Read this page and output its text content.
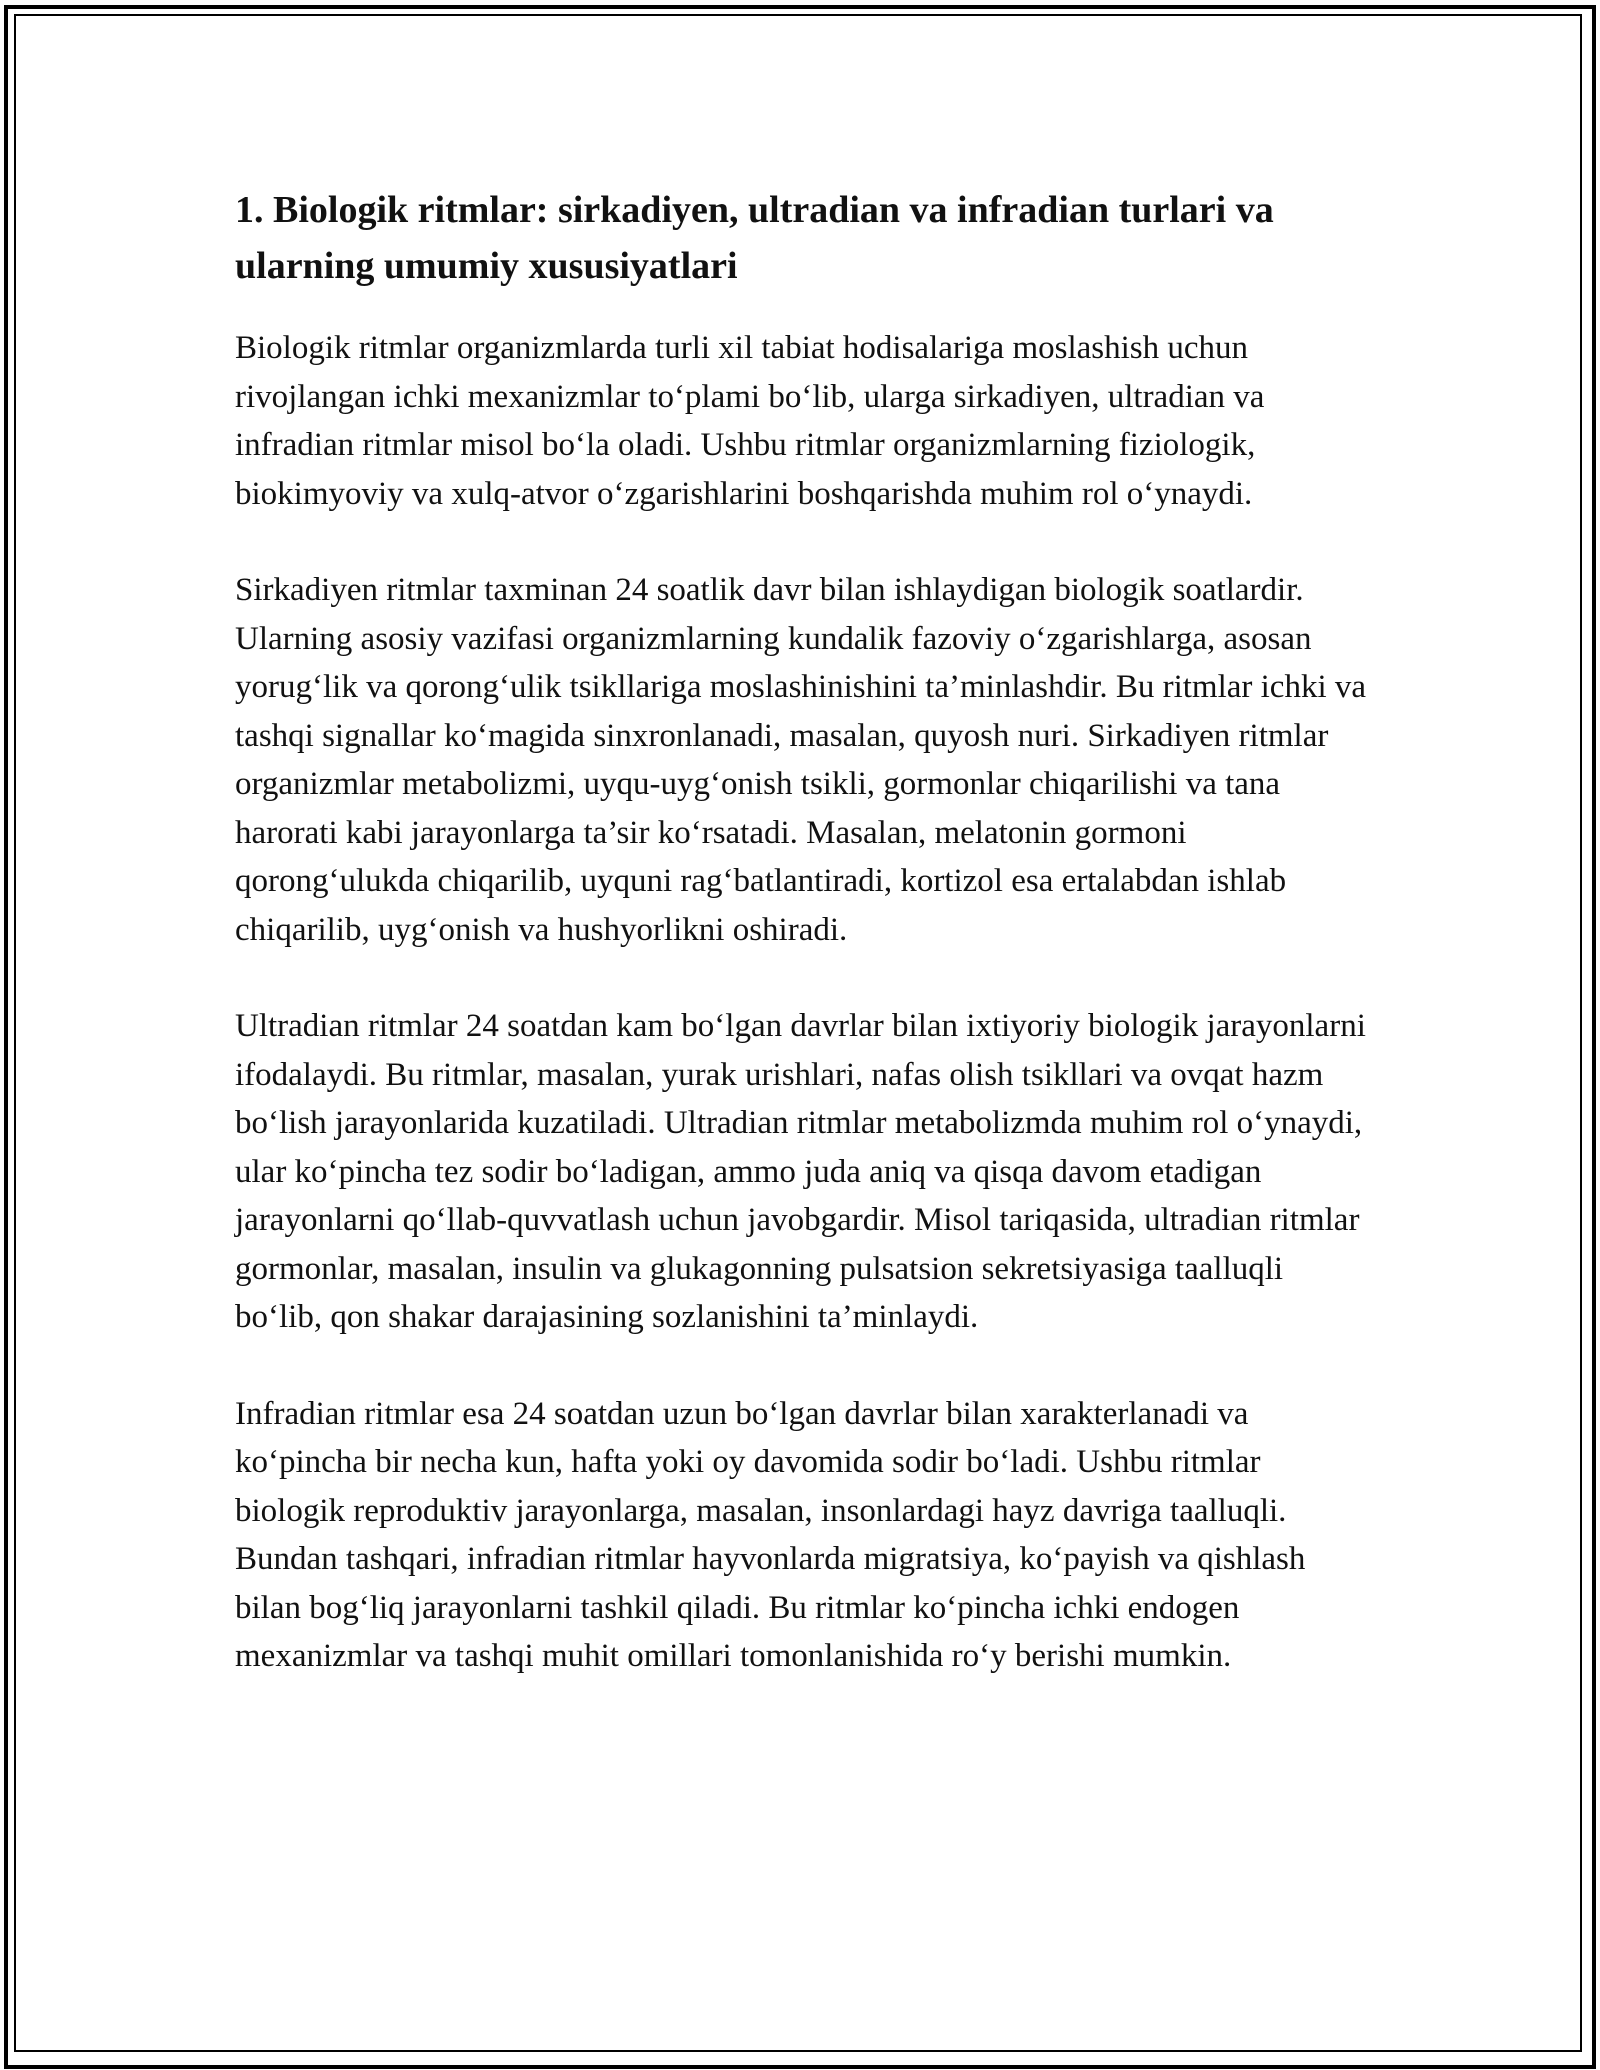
1. Biologik ritmlar: sirkadiyen, ultradian va infradian turlari va ularning umumiy xususiyatlari

Biologik ritmlar organizmlarda turli xil tabiat hodisalariga moslashish uchun rivojlangan ichki mexanizmlar to‘plami bo‘lib, ularga sirkadiyen, ultradian va infradian ritmlar misol bo‘la oladi. Ushbu ritmlar organizmlarning fiziologik, biokimyoviy va xulq-atvor o‘zgarishlarini boshqarishda muhim rol o‘ynaydi.

Sirkadiyen ritmlar taxminan 24 soatlik davr bilan ishlaydigan biologik soatlardir. Ularning asosiy vazifasi organizmlarning kundalik fazoviy o‘zgarishlarga, asosan yorug‘lik va qorong‘ulik tsikllariga moslashinishini ta’minlashdir. Bu ritmlar ichki va tashqi signallar ko‘magida sinxronlanadi, masalan, quyosh nuri. Sirkadiyen ritmlar organizmlar metabolizmi, uyqu-uyg‘onish tsikli, gormonlar chiqarilishi va tana harorati kabi jarayonlarga ta’sir ko‘rsatadi. Masalan, melatonin gormoni qorong‘ulukda chiqarilib, uyquni rag‘batlantiradi, kortizol esa ertalabdan ishlab chiqarilib, uyg‘onish va hushyorlikni oshiradi.

Ultradian ritmlar 24 soatdan kam bo‘lgan davrlar bilan ixtiyoriy biologik jarayonlarni ifodalaydi. Bu ritmlar, masalan, yurak urishlari, nafas olish tsikllari va ovqat hazm bo‘lish jarayonlarida kuzatiladi. Ultradian ritmlar metabolizmda muhim rol o‘ynaydi, ular ko‘pincha tez sodir bo‘ladigan, ammo juda aniq va qisqa davom etadigan jarayonlarni qo‘llab-quvvatlash uchun javobgardir. Misol tariqasida, ultradian ritmlar gormonlar, masalan, insulin va glukagonning pulsatsion sekretsiyasiga taalluqli bo‘lib, qon shakar darajasining sozlanishini ta’minlaydi.

Infradian ritmlar esa 24 soatdan uzun bo‘lgan davrlar bilan xarakterlanadi va ko‘pincha bir necha kun, hafta yoki oy davomida sodir bo‘ladi. Ushbu ritmlar biologik reproduktiv jarayonlarga, masalan, insonlardagi hayz davriga taalluqli. Bundan tashqari, infradian ritmlar hayvonlarda migratsiya, ko‘payish va qishlash bilan bog‘liq jarayonlarni tashkil qiladi. Bu ritmlar ko‘pincha ichki endogen mexanizmlar va tashqi muhit omillari tomonlanishida ro‘y berishi mumkin.
